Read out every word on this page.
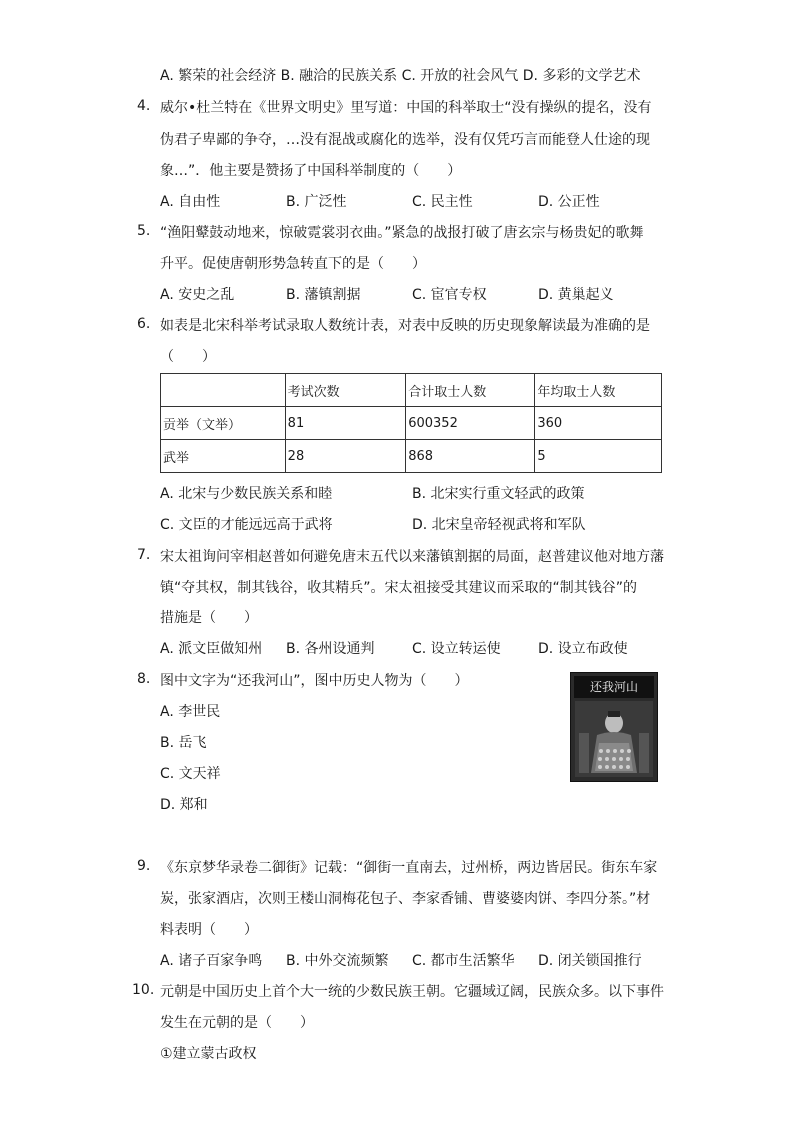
A. 繁荣的社会经济 B. 融洽的民族关系 C. 开放的社会风气 D. 多彩的文学艺术
4. 威尔•杜兰特在《世界文明史》里写道：中国的科举取士“没有操纵的提名，没有
伪君子卑鄙的争夺，…没有混战或腐化的选举，没有仅凭巧言而能登人仕途的现
象…”．他主要是赞扬了中国科举制度的（　　）
A. 自由性	B. 广泛性	C. 民主性	D. 公正性
5. “渔阳鼙鼓动地来，惊破霓裳羽衣曲。”紧急的战报打破了唐玄宗与杨贵妃的歌舞
升平。促使唐朝形势急转直下的是（　　）
A. 安史之乱	B. 藩镇割据	C. 宦官专权	D. 黄巢起义
6. 如表是北宋科举考试录取人数统计表，对表中反映的历史现象解读最为准确的是
（　　）
	考试次数	合计取士人数	年均取士人数
贡举（文举）	81	600352	360
武举	28	868	5
A. 北宋与少数民族关系和睦	B. 北宋实行重文轻武的政策
C. 文臣的才能远远高于武将	D. 北宋皇帝轻视武将和军队
7. 宋太祖询问宰相赵普如何避免唐末五代以来藩镇割据的局面，赵普建议他对地方藩
镇“夺其权，制其钱谷，收其精兵”。宋太祖接受其建议而采取的“制其钱谷”的
措施是（　　）
A. 派文臣做知州 B. 各州设通判	C. 设立转运使	D. 设立布政使
8. 图中文字为“还我河山”，图中历史人物为（　　）
A. 李世民
B. 岳飞
C. 文天祥
D. 郑和
还我河山
9. 《东京梦华录卷二御街》记载：“御街一直南去，过州桥，两边皆居民。街东车家
炭，张家酒店，次则王楼山洞梅花包子、李家香铺、曹婆婆肉饼、李四分茶。”材
料表明（　　）
A. 诸子百家争鸣 B. 中外交流频繁 C. 都市生活繁华 D. 闭关锁国推行
10. 元朝是中国历史上首个大一统的少数民族王朝。它疆域辽阔，民族众多。以下事件
发生在元朝的是（　　）
①建立蒙古政权
